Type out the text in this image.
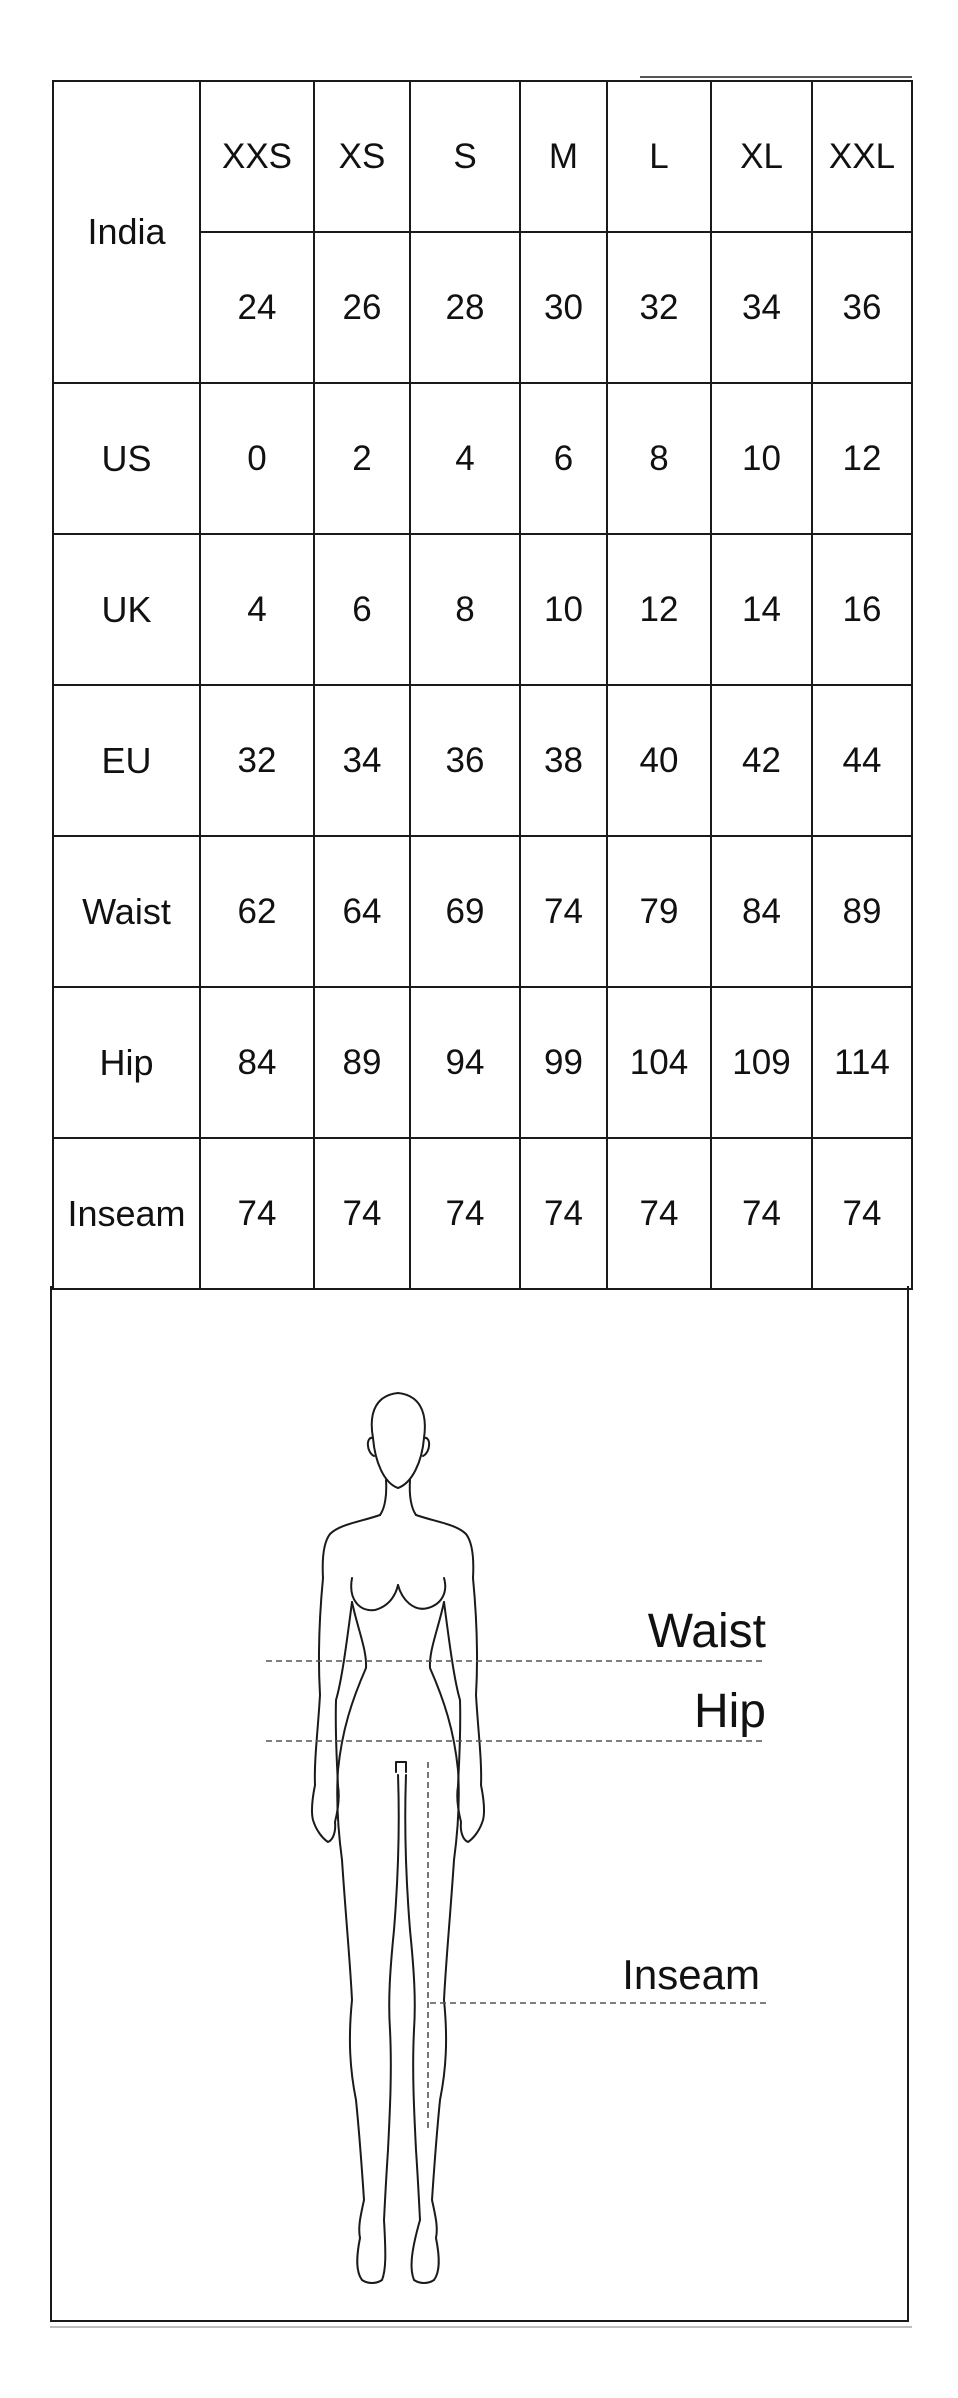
India	XXS	XS	S	M	L	XL	XXL
	24	26	28	30	32	34	36
US	0	2	4	6	8	10	12
UK	4	6	8	10	12	14	16
EU	32	34	36	38	40	42	44
Waist	62	64	69	74	79	84	89
Hip	84	89	94	99	104	109	114
Inseam	74	74	74	74	74	74	74
Waist
Hip
Inseam
